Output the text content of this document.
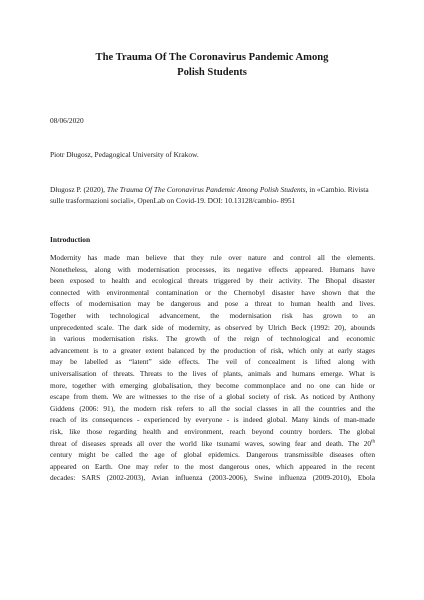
The Trauma Of The Coronavirus Pandemic Among
Polish Students

08/06/2020

Piotr Długosz, Pedagogical University of Krakow.

Długosz P. (2020), The Trauma Of The Coronavirus Pandemic Among Polish Students, in «Cambio. Rivista sulle trasformazioni sociali», OpenLab on Covid-19. DOI: 10.13128/cambio- 8951

Introduction
Modernity has made man believe that they rule over nature and control all the elements.
Nonetheless, along with modernisation processes, its negative effects appeared. Humans have
been exposed to health and ecological threats triggered by their activity. The Bhopal disaster
connected with environmental contamination or the Chernobyl disaster have shown that the
effects of modernisation may be dangerous and pose a threat to human health and lives.
Together with technological advancement, the modernisation risk has grown to an
unprecedented scale. The dark side of modernity, as observed by Ulrich Beck (1992: 20), abounds
in various modernisation risks. The growth of the reign of technological and economic
advancement is to a greater extent balanced by the production of risk, which only at early stages
may be labelled as “latent” side effects. The veil of concealment is lifted along with
universalisation of threats. Threats to the lives of plants, animals and humans emerge. What is
more, together with emerging globalisation, they become commonplace and no one can hide or
escape from them. We are witnesses to the rise of a global society of risk. As noticed by Anthony
Giddens (2006: 91), the modern risk refers to all the social classes in all the countries and the
reach of its consequences - experienced by everyone - is indeed global. Many kinds of man-made
risk, like those regarding health and environment, reach beyond country borders. The global
threat of diseases spreads all over the world like tsunami waves, sowing fear and death. The 20th
century might be called the age of global epidemics. Dangerous transmissible diseases often
appeared on Earth. One may refer to the most dangerous ones, which appeared in the recent
decades: SARS (2002-2003), Avian influenza (2003-2006), Swine influenza (2009-2010), Ebola
